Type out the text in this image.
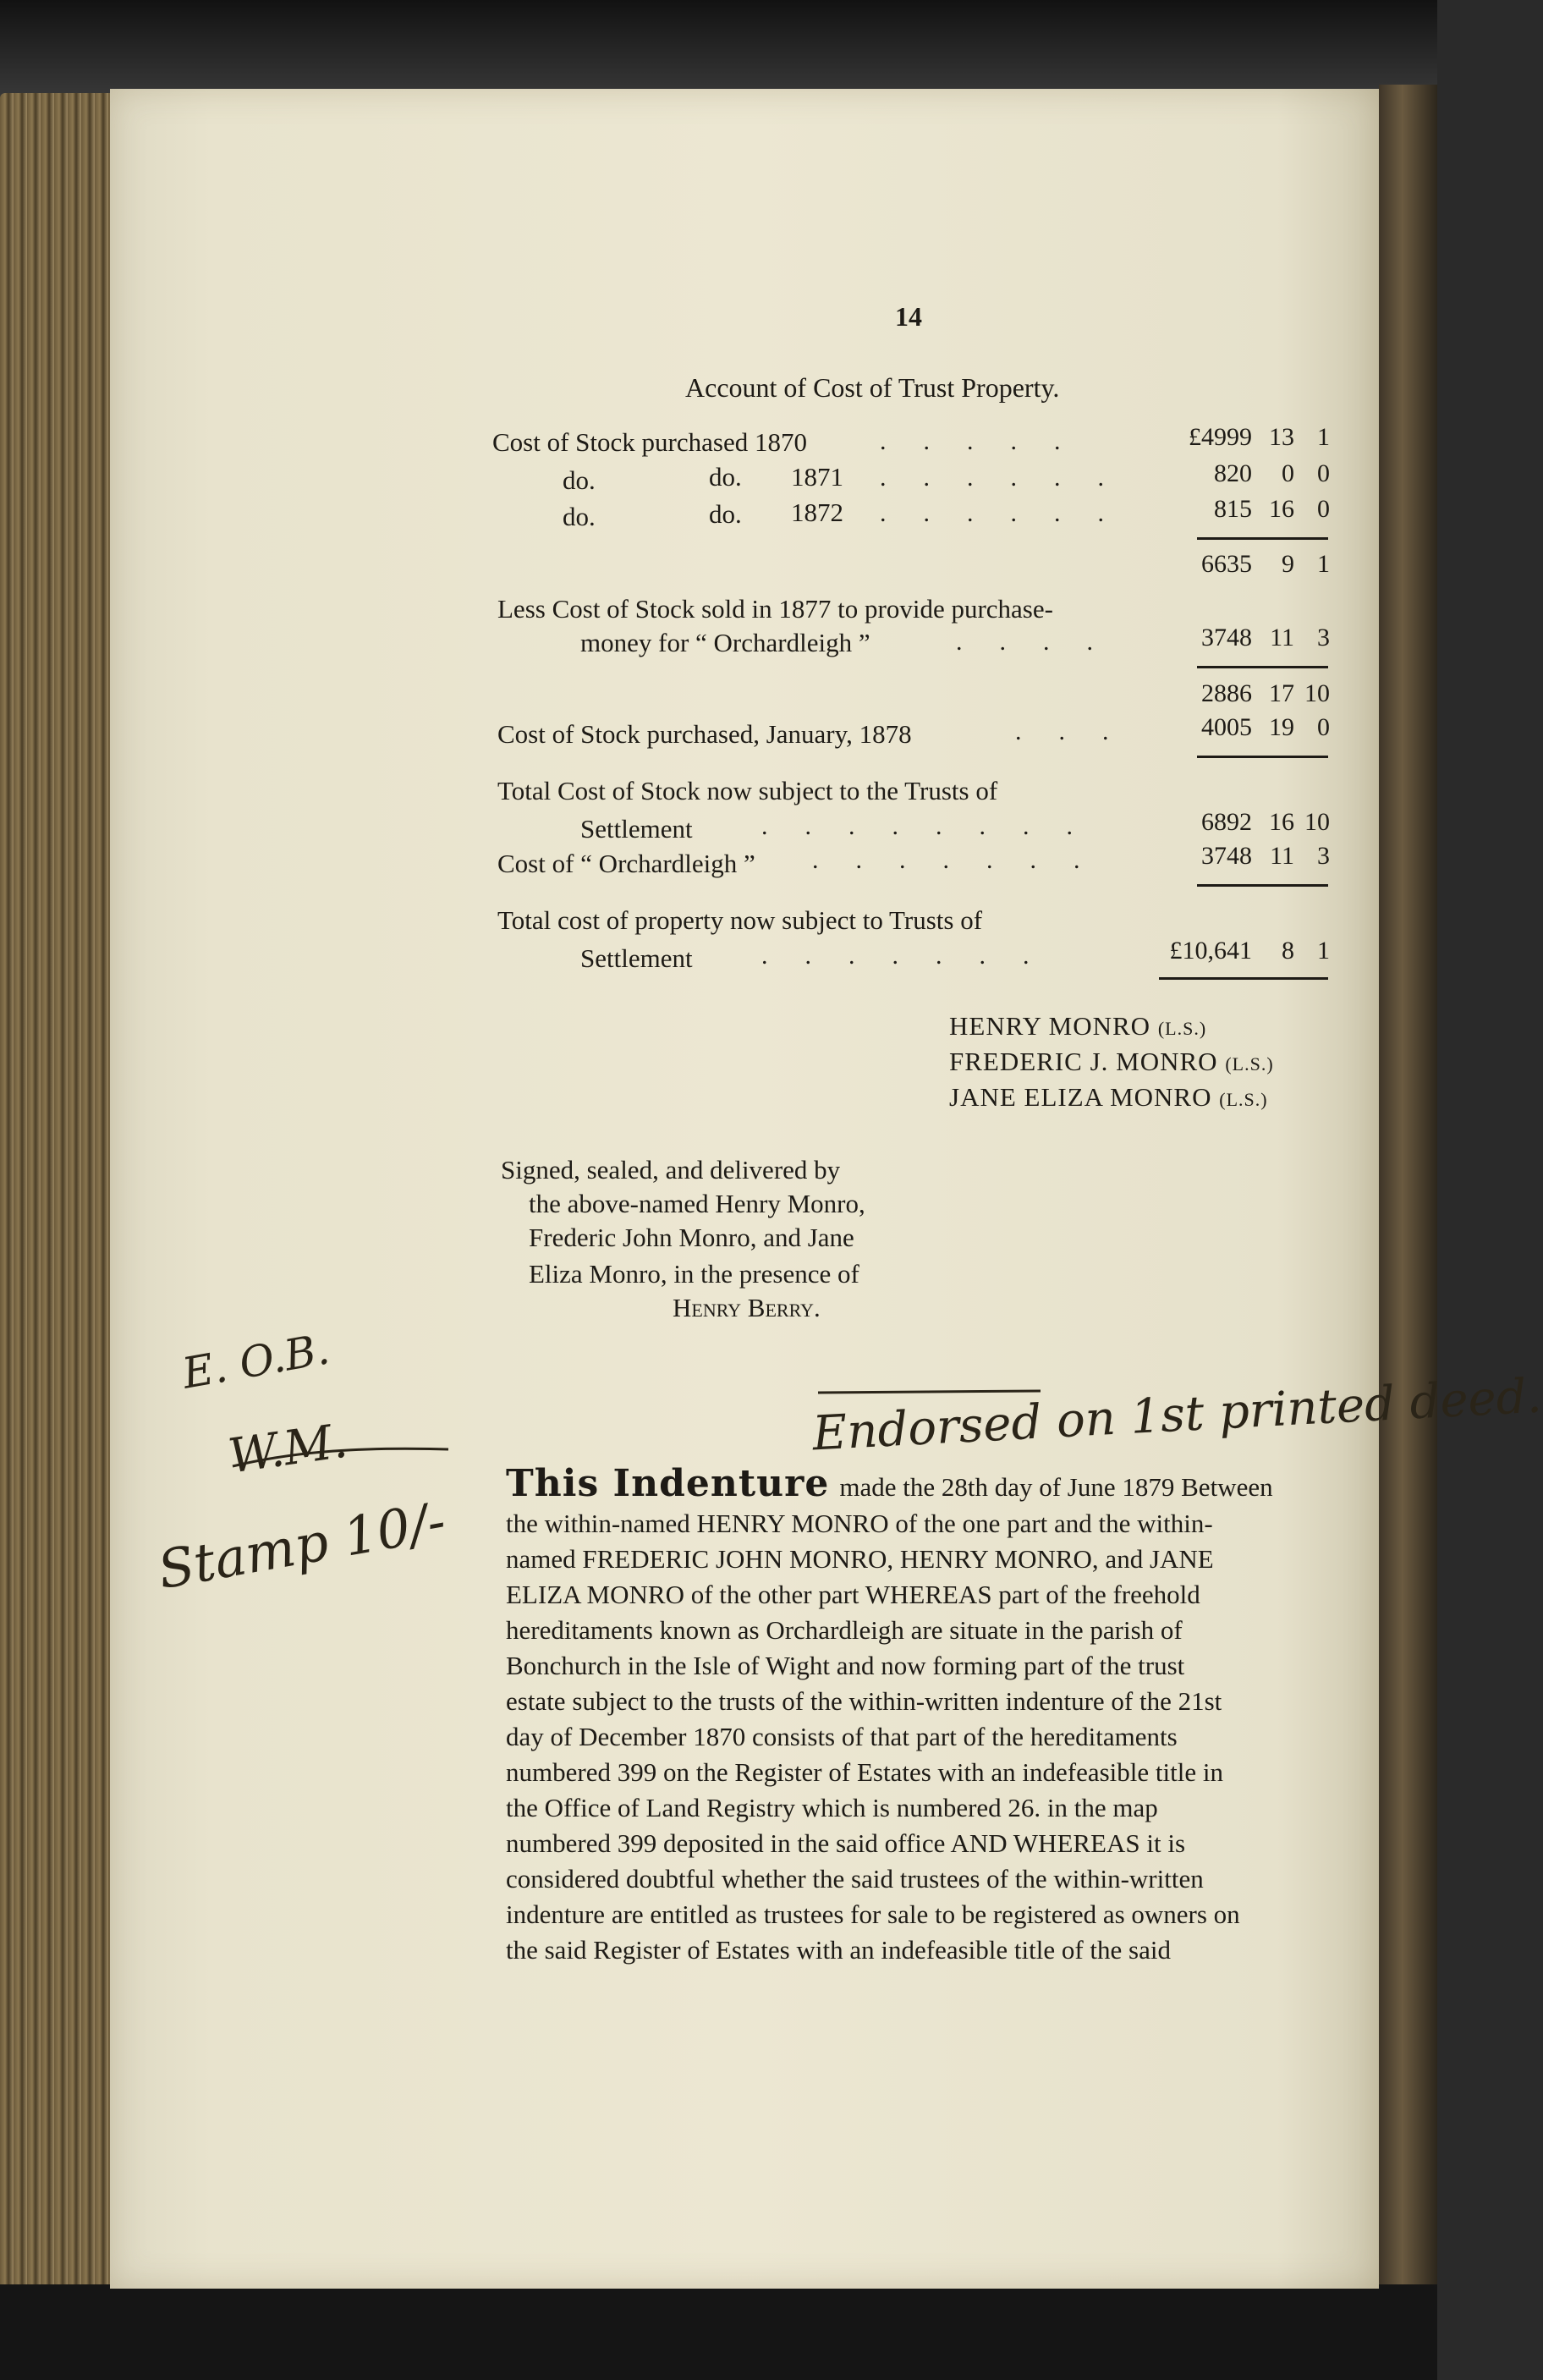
14
Account of Cost of Trust Property.
Cost of Stock purchased 1870	.....	£4999 13 1
do.	do. 1871 ......	820	0 0
do.	do. 1872 ......	815 16 0
6635	9 1
Less Cost of Stock sold in 1877 to provide purchase-
money for “ Orchardleigh ”	....	3748 11 3
2886 17 10
Cost of Stock purchased, January, 1878	...	4005 19 0
Total Cost of Stock now subject to the Trusts of
Settlement	........	6892 16 10
Cost of “ Orchardleigh ” .......	3748 11 3
Total cost of property now subject to Trusts of
Settlement	.......	£10,641	8 1
HENRY MONRO (L.S.)
FREDERIC J. MONRO (L.S.)
JANE ELIZA MONRO (L.S.)
Signed, sealed, and delivered by
the above-named Henry Monro,
Frederic John Monro, and Jane
Eliza Monro, in the presence of
Henry Berry.
E. O.B.
W.M.
Stamp 10/-
Endorsed on 1st printed deed.
This Indenture made the 28th day of June 1879 Between
the within-named HENRY MONRO of the one part and the within-
named FREDERIC JOHN MONRO, HENRY MONRO, and JANE
ELIZA MONRO of the other part WHEREAS part of the freehold
hereditaments known as Orchardleigh are situate in the parish of
Bonchurch in the Isle of Wight and now forming part of the trust
estate subject to the trusts of the within-written indenture of the 21st
day of December 1870 consists of that part of the hereditaments
numbered 399 on the Register of Estates with an indefeasible title in
the Office of Land Registry which is numbered 26. in the map
numbered 399 deposited in the said office AND WHEREAS it is
considered doubtful whether the said trustees of the within-written
indenture are entitled as trustees for sale to be registered as owners on
the said Register of Estates with an indefeasible title of the said
